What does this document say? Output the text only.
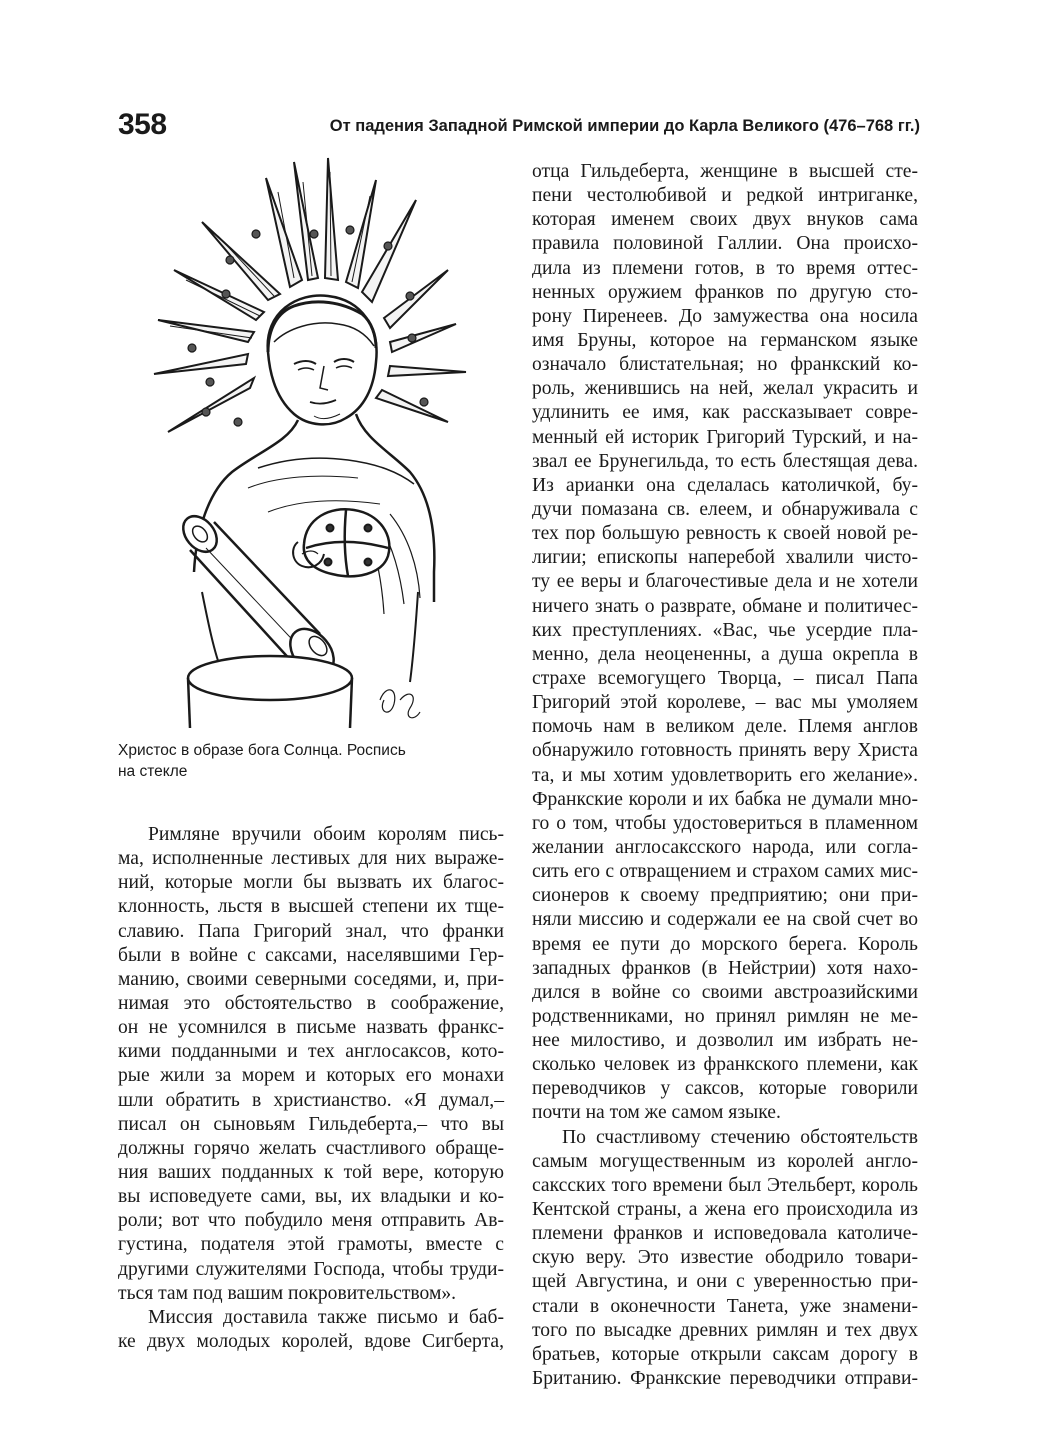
358	От падения Западной Римской империи до Карла Великого (476–768 гг.)
Христос в образе бога Солнца. Роспись
на стекле
Римляне вручили обоим королям пись-
ма, исполненные лестивых для них выраже-
ний, которые могли бы вызвать их благос-
клонность, льстя в высшей степени их тще-
славию. Папа Григорий знал, что франки
были в войне с саксами, населявшими Гер-
манию, своими северными соседями, и, при-
нимая это обстоятельство в соображение,
он не усомнился в письме назвать франкс-
кими подданными и тех англосаксов, кото-
рые жили за морем и которых его монахи
шли обратить в христианство. «Я думал,–
писал он сыновьям Гильдеберта,– что вы
должны горячо желать счастливого обраще-
ния ваших подданных к той вере, которую
вы исповедуете сами, вы, их владыки и ко-
роли; вот что побудило меня отправить Ав-
густина, подателя этой грамоты, вместе с
другими служителями Господа, чтобы труди-
ться там под вашим покровительством».
Миссия доставила также письмо и баб-
ке двух молодых королей, вдове Сигберта,
отца Гильдеберта, женщине в высшей сте-
пени честолюбивой и редкой интриганке,
которая именем своих двух внуков сама
правила половиной Галлии. Она происхо-
дила из племени готов, в то время оттес-
ненных оружием франков по другую сто-
рону Пиренеев. До замужества она носила
имя Бруны, которое на германском языке
означало блистательная; но франкский ко-
роль, женившись на ней, желал украсить и
удлинить ее имя, как рассказывает совре-
менный ей историк Григорий Турский, и на-
звал ее Брунегильда, то есть блестящая дева.
Из арианки она сделалась католичкой, бу-
дучи помазана св. елеем, и обнаруживала с
тех пор большую ревность к своей новой ре-
лигии; епископы наперебой хвалили чисто-
ту ее веры и благочестивые дела и не хотели
ничего знать о разврате, обмане и политичес-
ких преступлениях. «Вас, чье усердие пла-
менно, дела неоцененны, а душа окрепла в
страхе всемогущего Творца, – писал Папа
Григорий этой королеве, – вас мы умоляем
помочь нам в великом деле. Племя англов
обнаружило готовность принять веру Христа
та, и мы хотим удовлетворить его желание».
Франкские короли и их бабка не думали мно-
го о том, чтобы удостовериться в пламенном
желании англосаксского народа, или согла-
сить его с отвращением и страхом самих мис-
сионеров к своему предприятию; они при-
няли миссию и содержали ее на свой счет во
время ее пути до морского берега. Король
западных франков (в Нейстрии) хотя нахо-
дился в войне со своими австроазийскими
родственниками, но принял римлян не ме-
нее милостиво, и дозволил им избрать не-
сколько человек из франкского племени, как
переводчиков у саксов, которые говорили
почти на том же самом языке.
По счастливому стечению обстоятельств
самым могущественным из королей англо-
саксских того времени был Этельберт, король
Кентской страны, а жена его происходила из
племени франков и исповедовала католиче-
скую веру. Это известие ободрило товари-
щей Августина, и они с уверенностью при-
стали в оконечности Танета, уже знамени-
того по высадке древних римлян и тех двух
братьев, которые открыли саксам дорогу в
Британию. Франкские переводчики отправи-
